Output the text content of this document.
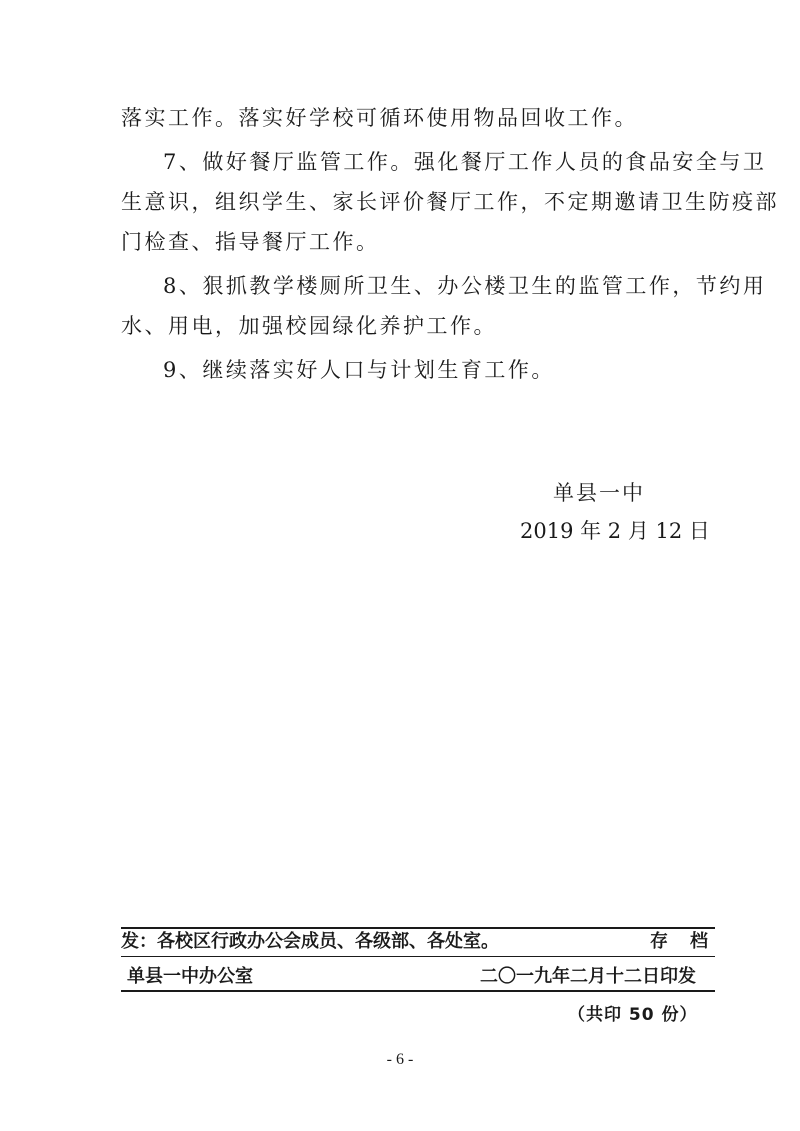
落实工作。落实好学校可循环使用物品回收工作。
7、做好餐厅监管工作。强化餐厅工作人员的食品安全与卫
生意识，组织学生、家长评价餐厅工作，不定期邀请卫生防疫部
门检查、指导餐厅工作。
8、狠抓教学楼厕所卫生、办公楼卫生的监管工作，节约用
水、用电，加强校园绿化养护工作。
9、继续落实好人口与计划生育工作。
单县一中
2019 年 2 月 12 日
发：各校区行政办公会成员、各级部、各处室。	存　档
单县一中办公室	二〇一九年二月十二日印发
（共印 50 份）
- 6 -
